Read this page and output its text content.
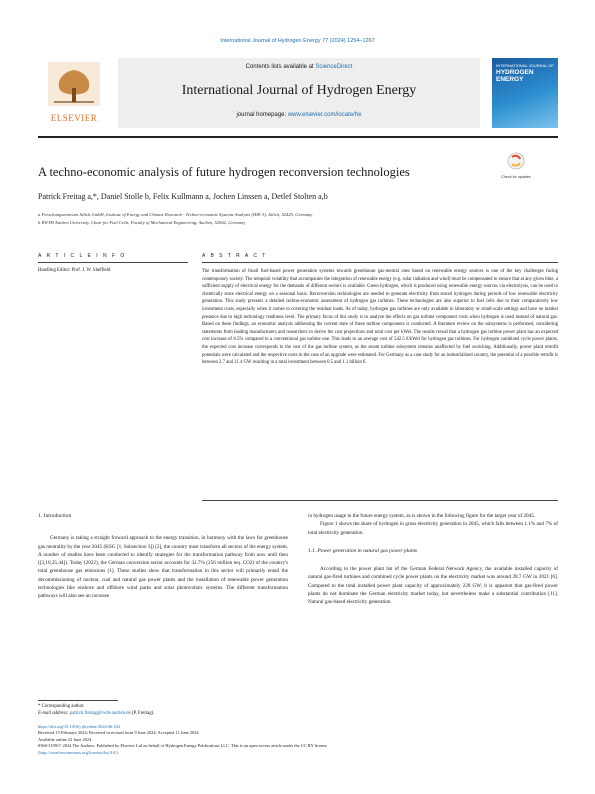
International Journal of Hydrogen Energy 77 (2024) 1254–1267
ELSEVIER
Contents lists available at ScienceDirect
International Journal of Hydrogen Energy
journal homepage: www.elsevier.com/locate/he
INTERNATIONAL JOURNAL OF
HYDROGEN ENERGY
A techno-economic analysis of future hydrogen reconversion technologies	Check for updates
Patrick Freitag a,*, Daniel Stolle b, Felix Kullmann a, Jochen Linssen a, Detlef Stolten a,b
a Forschungszentrum Jülich GmbH, Institute of Energy and Climate Research - Techno-economic Systems Analysis (IEK-3), Jülich, 52425, Germany
b RWTH Aachen University, Chair for Fuel Cells, Faculty of Mechanical Engineering, Aachen, 52062, Germany
A R T I C L E I N F O
Handling Editor: Prof. J. W. Sheffield
A B S T R A C T
The transformation of fossil fuel-based power generation systems towards greenhouse gas-neutral ones based on renewable energy sources is one of the key challenges facing contemporary society. The temporal volatility that accompanies the integration of renewable energy (e.g. solar radiation and wind) must be compensated to ensure that at any given time, a sufficient supply of electrical energy for the demands of different sectors is available. Green hydrogen, which is produced using renewable energy sources via electrolysis, can be used to chemically store electrical energy on a seasonal basis. Reconversion technologies are needed to generate electricity from stored hydrogen during periods of low renewable electricity generation. This study presents a detailed techno-economic assessment of hydrogen gas turbines. These technologies are also superior to fuel cells due to their comparatively low investment costs, especially when it comes to covering the residual loads. As of today, hydrogen gas turbines are only available in laboratory or small-scale settings and have no market presence due to high technology readiness level. The primary focus of this study is to analyze the effects on gas turbine component costs when hydrogen is used instead of natural gas. Based on these findings, an economic analysis addressing the current state of these turbine components is conducted. A literature review on the subsystems is performed, considering statements from leading manufacturers and researchers to derive the cost projections and total cost per kWel. The results reveal that a hydrogen gas turbine power plant has an expected cost increase of 8.5% compared to a conventional gas turbine one. This leads to an average cost of 542.5 €/kWel for hydrogen gas turbines. For hydrogen combined cycle power plants, the expected cost increase corresponds to the cost of the gas turbine system, as the steam turbine subsystem remains unaffected by fuel switching. Additionally, power plant retrofit potentials were calculated and the respective costs in the case of an upgrade were estimated. For Germany as a case study for an industrialized country, the potential of a possible retrofit is between 2.7 and 11.4 GW resulting in a total investment between 0.5 and 1.1 billion €.
1. Introduction

Germany is taking a straight forward approach to the energy transition, in harmony with the laws for greenhouse gas neutrality by the year 2045 (KSG [1, Subsection 3]) [2], the country must transform all sectors of the energy system. A number of studies have been conducted to identify strategies for the transformation pathway from now until then ([3,10,25,44]). Today (2022), the German conversion sector accounts for 32.7% (256 million teq. CO2) of the country's total greenhouse gas emissions [1]. These studies show that transformation in this sector will primarily entail the decommissioning of nuclear, coal and natural gas power plants and the installation of renewable power generation technologies like onshore and offshore wind parks and solar photovoltaic systems. The different transformation pathways will also see an increase

in hydrogen usage in the future energy system, as is shown in the following figure for the target year of 2045.

Figure 1 shows the share of hydrogen in gross electricity generation in 2045, which falls between 1.1% and 7% of total electricity generation.

1.1. Power generation in natural gas power plants

According to the power plant list of the German Federal Network Agency, the available installed capacity of natural gas-fired turbines and combined cycle power plants on the electricity market was around 28.7 GW in 2021 [6]. Compared to the total installed power plant capacity of approximately 228 GW, it is apparent that gas-fired power plants do not dominate the German electricity market today, but nevertheless make a substantial contribution [11]. Natural gas-based electricity generation

* Corresponding author.
E-mail address: patrick.freitag@rwth-aachen.de (P. Freitag).
https://doi.org/10.1016/j.ijhydene.2024.06.164
Received 15 February 2024; Received in revised form 9 June 2024; Accepted 11 June 2024
Available online 22 June 2024
0360-3199/© 2024 The Authors. Published by Elsevier Ltd on behalf of Hydrogen Energy Publications LLC. This is an open access article under the CC BY license
(http://creativecommons.org/licenses/by/4.0/).
